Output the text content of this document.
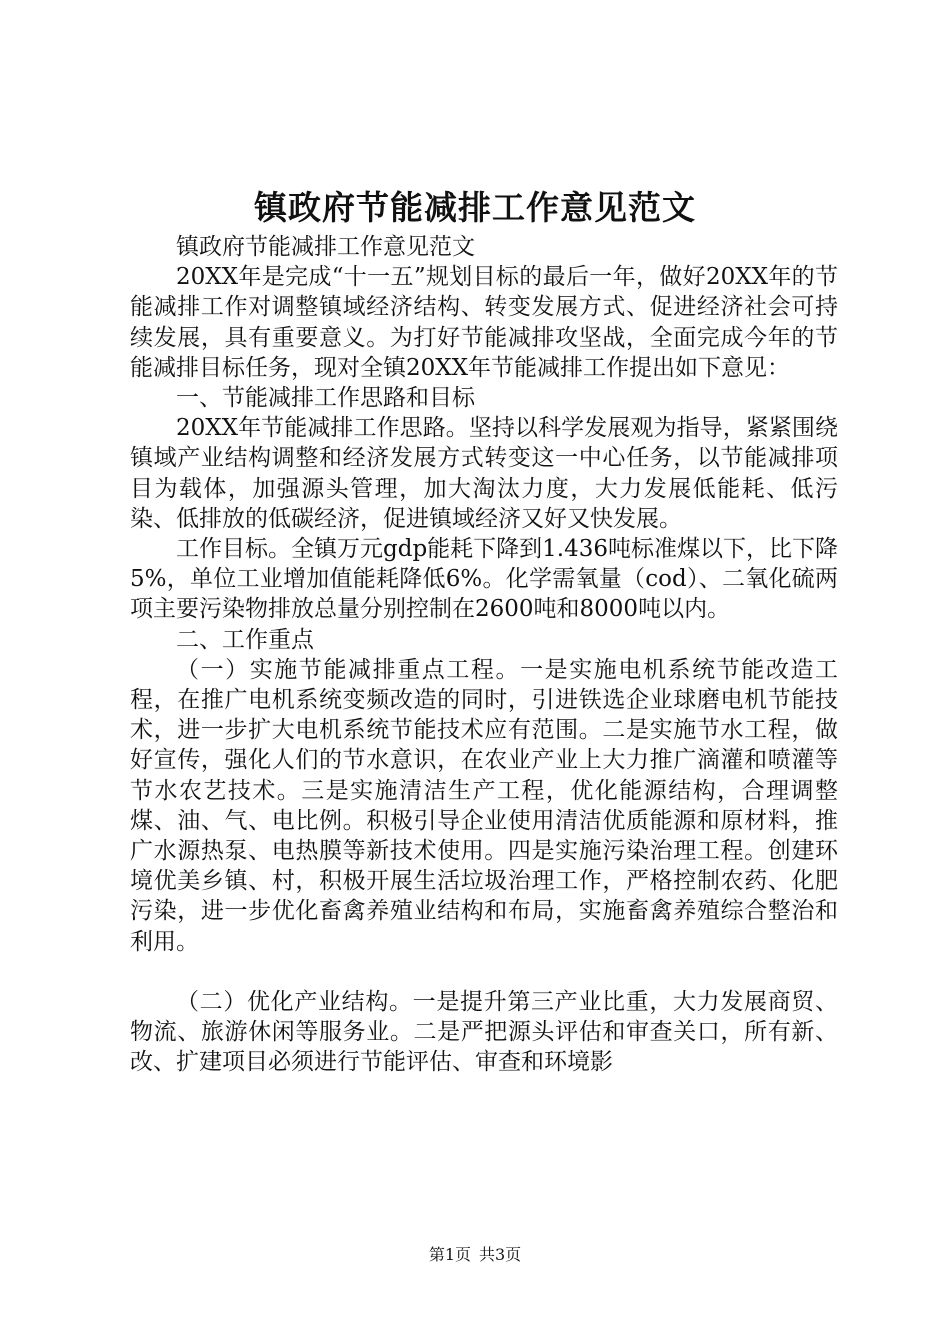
镇政府节能减排工作意见范文

镇政府节能减排工作意见范文

20XX年是完成“十一五”规划目标的最后一年，做好20XX年的节能减排工作对调整镇域经济结构、转变发展方式、促进经济社会可持续发展，具有重要意义。为打好节能减排攻坚战，全面完成今年的节能减排目标任务，现对全镇20XX年节能减排工作提出如下意见：

一、节能减排工作思路和目标

20XX年节能减排工作思路。坚持以科学发展观为指导，紧紧围绕镇域产业结构调整和经济发展方式转变这一中心任务，以节能减排项目为载体，加强源头管理，加大淘汰力度，大力发展低能耗、低污染、低排放的低碳经济，促进镇域经济又好又快发展。

工作目标。全镇万元gdp能耗下降到1.436吨标准煤以下，比下降5%，单位工业增加值能耗降低6%。化学需氧量（cod）、二氧化硫两项主要污染物排放总量分别控制在2600吨和8000吨以内。

二、工作重点

（一）实施节能减排重点工程。一是实施电机系统节能改造工程，在推广电机系统变频改造的同时，引进铁选企业球磨电机节能技术，进一步扩大电机系统节能技术应有范围。二是实施节水工程，做好宣传，强化人们的节水意识，在农业产业上大力推广滴灌和喷灌等节水农艺技术。三是实施清洁生产工程，优化能源结构，合理调整煤、油、气、电比例。积极引导企业使用清洁优质能源和原材料，推广水源热泵、电热膜等新技术使用。四是实施污染治理工程。创建环境优美乡镇、村，积极开展生活垃圾治理工作，严格控制农药、化肥污染，进一步优化畜禽养殖业结构和布局，实施畜禽养殖综合整治和利用。

（二）优化产业结构。一是提升第三产业比重，大力发展商贸、物流、旅游休闲等服务业。二是严把源头评估和审查关口，所有新、改、扩建项目必须进行节能评估、审查和环境影

第1页 共3页
